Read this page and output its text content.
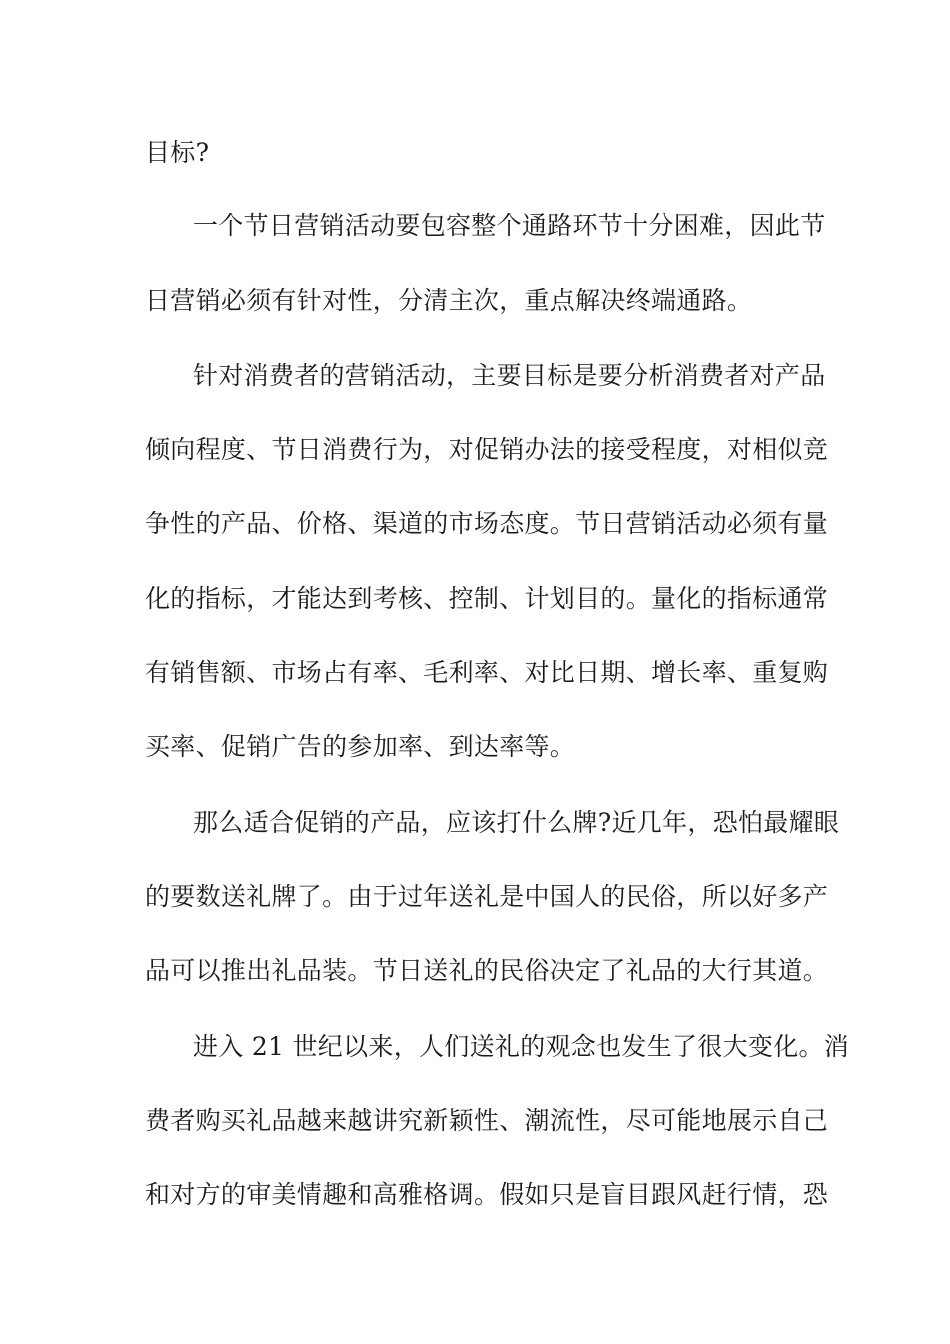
目标?
一个节日营销活动要包容整个通路环节十分困难，因此节
日营销必须有针对性，分清主次，重点解决终端通路。
针对消费者的营销活动，主要目标是要分析消费者对产品
倾向程度、节日消费行为，对促销办法的接受程度，对相似竞
争性的产品、价格、渠道的市场态度。节日营销活动必须有量
化的指标，才能达到考核、控制、计划目的。量化的指标通常
有销售额、市场占有率、毛利率、对比日期、增长率、重复购
买率、促销广告的参加率、到达率等。
那么适合促销的产品，应该打什么牌?近几年，恐怕最耀眼
的要数送礼牌了。由于过年送礼是中国人的民俗，所以好多产
品可以推出礼品装。节日送礼的民俗决定了礼品的大行其道。
进入 21 世纪以来，人们送礼的观念也发生了很大变化。消
费者购买礼品越来越讲究新颖性、潮流性，尽可能地展示自己
和对方的审美情趣和高雅格调。假如只是盲目跟风赶行情，恐
